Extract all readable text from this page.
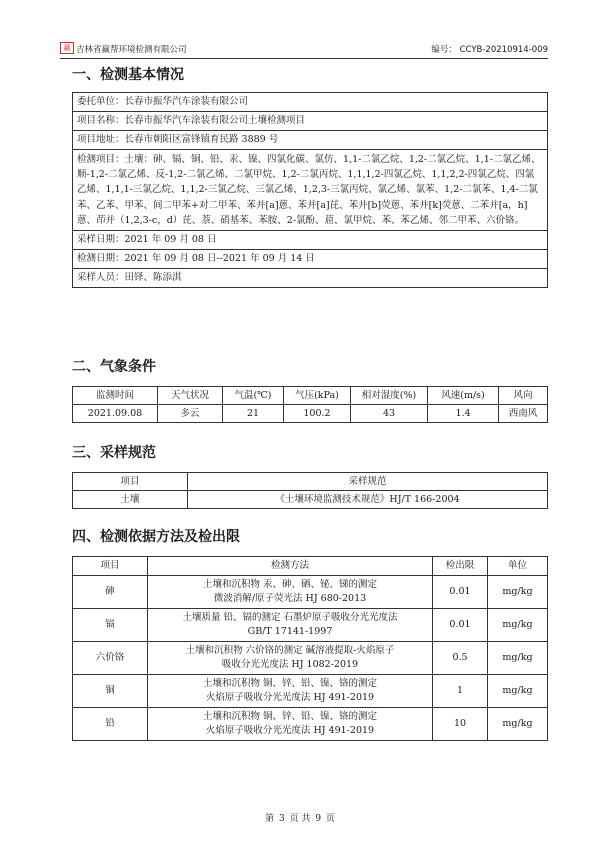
赢 吉林省赢帮环境检测有限公司	编号： CCYB-20210914-009
一、检测基本情况
委托单位：长春市振华汽车涂装有限公司
项目名称：长春市振华汽车涂装有限公司土壤检测项目
项目地址：长春市朝阳区富锋镇育民路 3889 号
检测项目：土壤：砷、镉、铜、铅、汞、镍、四氯化碳、氯仿、1,1-二氯乙烷、1,2-二氯乙烷、1,1-二氯乙烯、顺-1,2-二氯乙烯、反-1,2-二氯乙烯、二氯甲烷、1,2-二氯丙烷、1,1,1,2-四氯乙烷、1,1,2,2-四氯乙烷、四氯乙烯、1,1,1-三氯乙烷、1,1,2-三氯乙烷、三氯乙烯、1,2,3-三氯丙烷、氯乙烯、氯苯、1,2-二氯苯、1,4-二氯苯、乙苯、甲苯、间二甲苯+对二甲苯、苯并[a]蒽、苯并[a]芘、苯并[b]荧蒽、苯并[k]荧蒽、二苯并[a，h]蒽、茚并（1,2,3-c，d）芘、萘、硝基苯、苯胺、2-氯酚、䓛、氯甲烷、苯、苯乙烯、邻二甲苯、六价铬。
采样日期：2021 年 09 月 08 日
检测日期：2021 年 09 月 08 日--2021 年 09 月 14 日
采样人员：田铎、陈添淇
二、气象条件
监测时间	天气状况	气温(℃)	气压(kPa)	相对湿度(%)	风速(m/s)	风向
2021.09.08	多云	21	100.2	43	1.4	西南风
三、采样规范
项目	采样规范
土壤	《土壤环境监测技术规范》HJ/T 166-2004
四、检测依据方法及检出限
项目	检测方法	检出限	单位
砷	土壤和沉积物 汞、砷、硒、铋、锑的测定
微波消解/原子荧光法 HJ 680-2013	0.01	mg/kg
镉	土壤质量 铅、镉的测定 石墨炉原子吸收分光光度法
GB/T 17141-1997	0.01	mg/kg
六价铬	土壤和沉积物 六价铬的测定 碱溶液提取-火焰原子
吸收分光光度法 HJ 1082-2019	0.5	mg/kg
铜	土壤和沉积物 铜、锌、铅、镍、铬的测定
火焰原子吸收分光光度法 HJ 491-2019	1	mg/kg
铅	土壤和沉积物 铜、锌、铅、镍、铬的测定
火焰原子吸收分光光度法 HJ 491-2019	10	mg/kg
第 3 页 共 9 页
